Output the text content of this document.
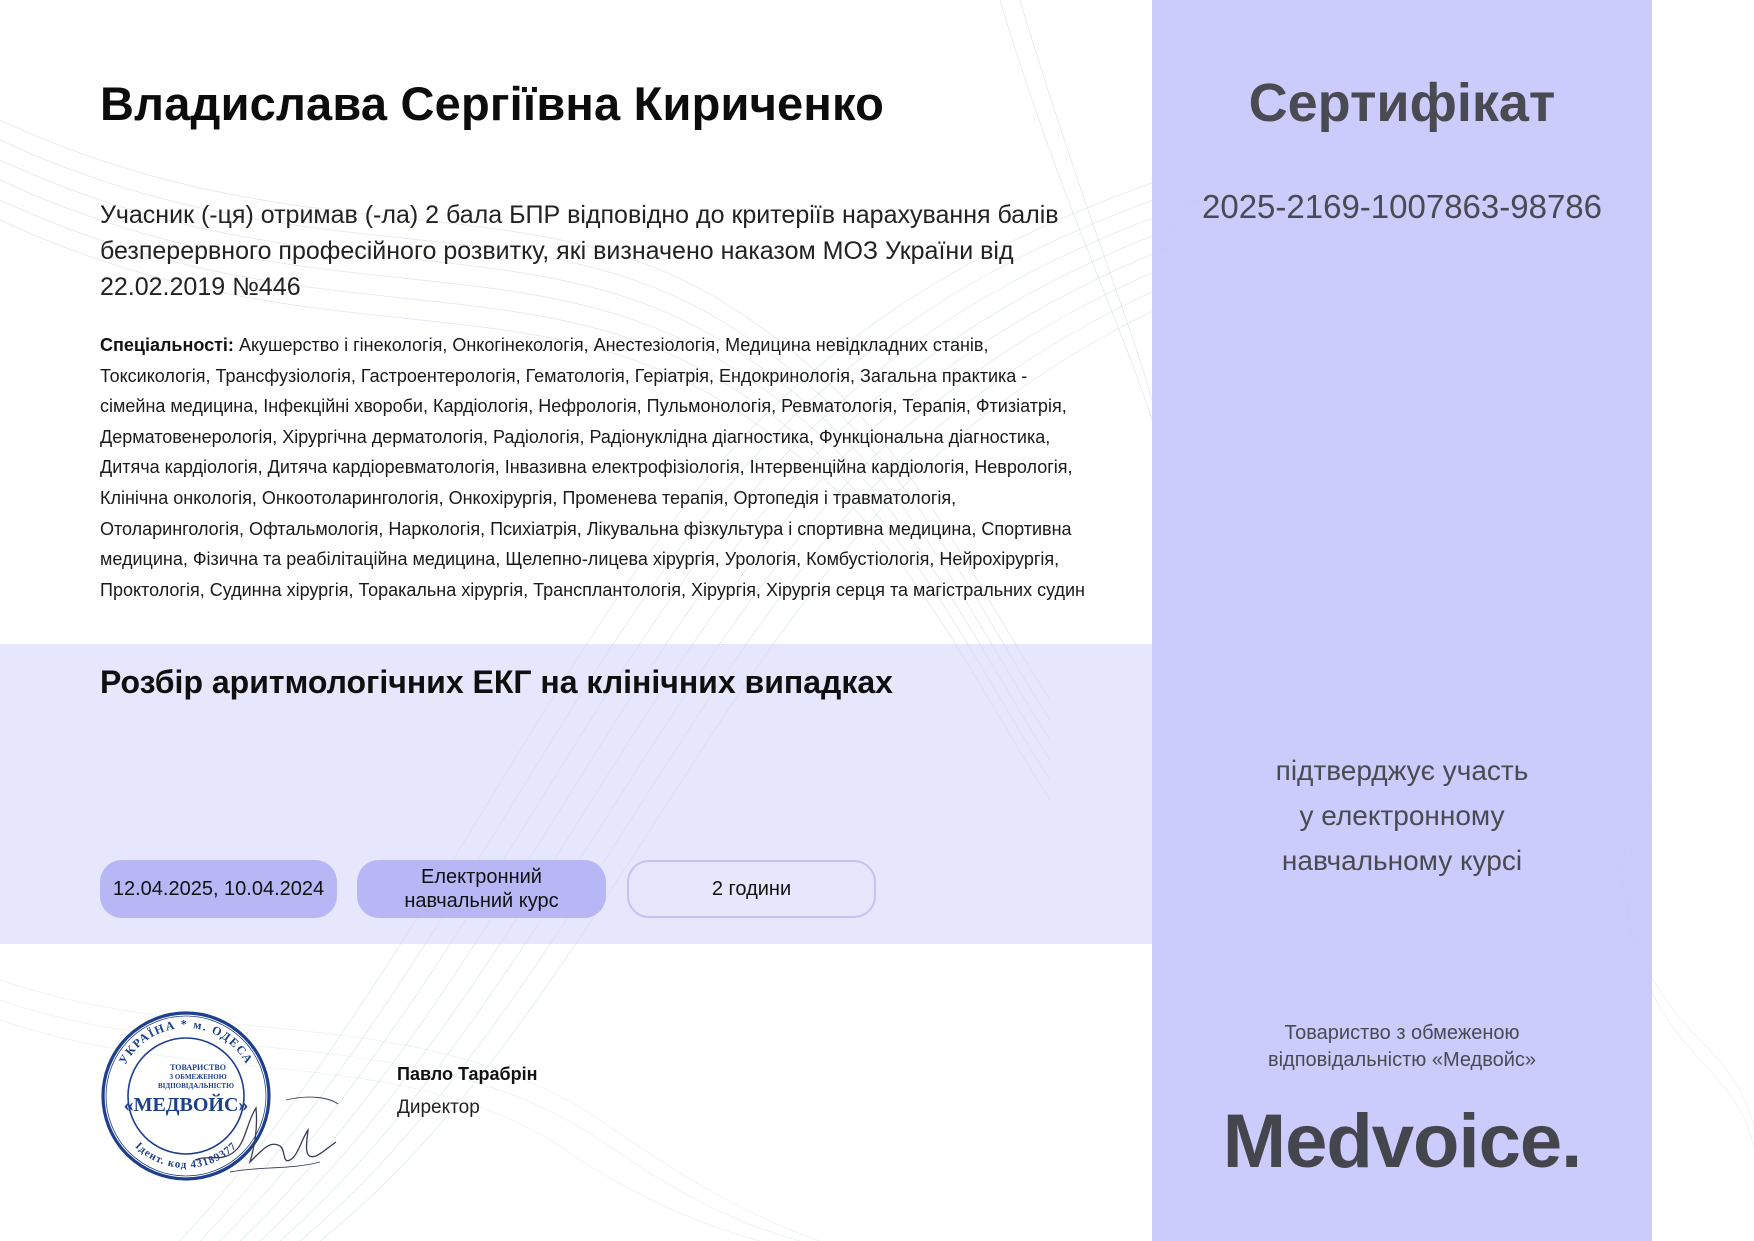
Владислава Сергіївна Кириченко
Учасник (-ця) отримав (-ла) 2 бала БПР відповідно до критеріїв нарахування балів безперервного професійного розвитку, які визначено наказом МОЗ України від 22.02.2019 №446
Спеціальності: Акушерство і гінекологія, Онкогінекологія, Анестезіологія, Медицина невідкладних станів, Токсикологія, Трансфузіологія, Гастроентерологія, Гематологія, Геріатрія, Ендокринологія, Загальна практика - сімейна медицина, Інфекційні хвороби, Кардіологія, Нефрологія, Пульмонологія, Ревматологія, Терапія, Фтизіатрія, Дерматовенерологія, Хірургічна дерматологія, Радіологія, Радіонуклідна діагностика, Функціональна діагностика, Дитяча кардіологія, Дитяча кардіоревматологія, Інвазивна електрофізіологія, Інтервенційна кардіологія, Неврологія, Клінічна онкологія, Онкоотоларингологія, Онкохірургія, Променева терапія, Ортопедія і травматологія, Отоларингологія, Офтальмологія, Наркологія, Психіатрія, Лікувальна фізкультура і спортивна медицина, Спортивна медицина, Фізична та реабілітаційна медицина, Щелепно-лицева хірургія, Урологія, Комбустіологія, Нейрохірургія, Проктологія, Судинна хірургія, Торакальна хірургія, Трансплантологія, Хірургія, Хірургія серця та магістральних судин
Розбір аритмологічних ЕКГ на клінічних випадках
12.04.2025, 10.04.2024
Електронний
навчальний курс
2 години
Сертифікат
2025-2169-1007863-98786
підтверджує участь
у електронному
навчальному курсі
Товариство з обмеженою
відповідальністю «Медвойс»
Medvoice.
УКРАЇНА * м. ОДЕСА
Ідент. код 43189377
ТОВАРИСТВО
З ОБМЕЖЕНОЮ
ВІДПОВІДАЛЬНІСТЮ
«МЕДВОЙС»
Павло Тарабрін
Директор
